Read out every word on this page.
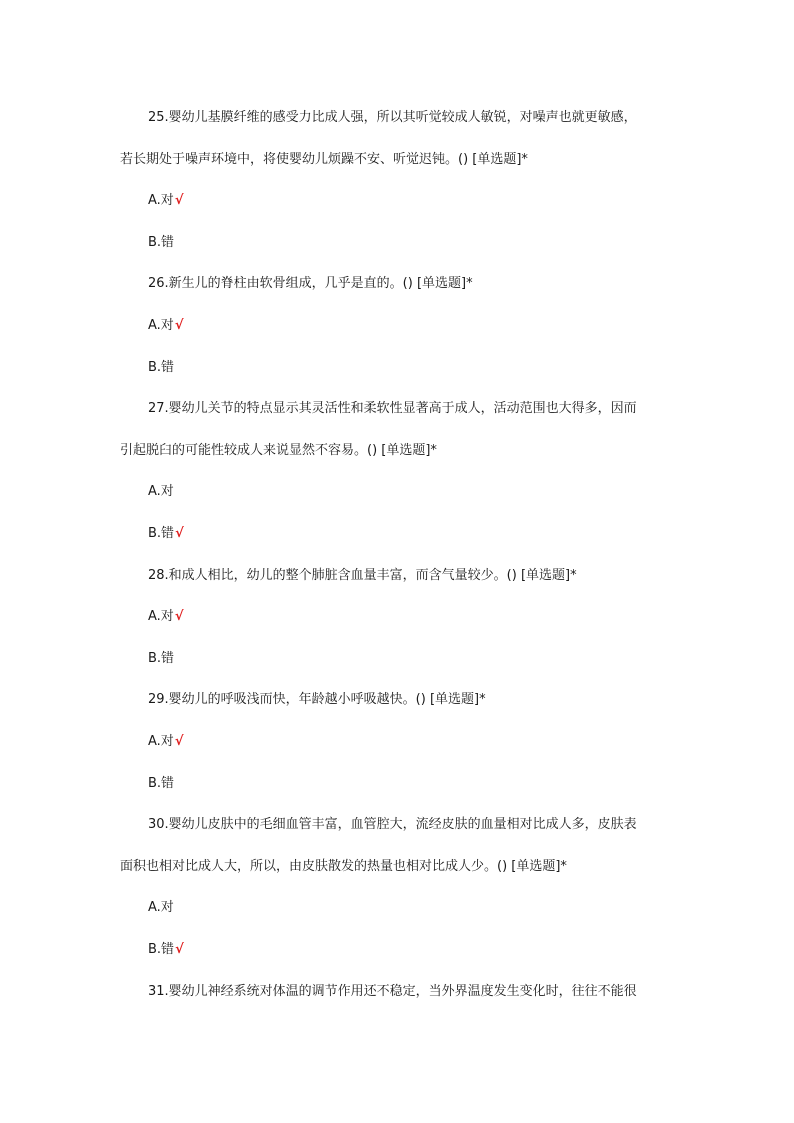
25.婴幼儿基膜纤维的感受力比成人强，所以其听觉较成人敏锐，对噪声也就更敏感，
若长期处于噪声环境中，将使婴幼儿烦躁不安、听觉迟钝。() [单选题]*
A.对√
B.错
26.新生儿的脊柱由软骨组成，几乎是直的。() [单选题]*
A.对√
B.错
27.婴幼儿关节的特点显示其灵活性和柔软性显著高于成人，活动范围也大得多，因而
引起脱臼的可能性较成人来说显然不容易。() [单选题]*
A.对
B.错√
28.和成人相比，幼儿的整个肺脏含血量丰富，而含气量较少。() [单选题]*
A.对√
B.错
29.婴幼儿的呼吸浅而快，年龄越小呼吸越快。() [单选题]*
A.对√
B.错
30.婴幼儿皮肤中的毛细血管丰富，血管腔大，流经皮肤的血量相对比成人多，皮肤表
面积也相对比成人大，所以，由皮肤散发的热量也相对比成人少。() [单选题]*
A.对
B.错√
31.婴幼儿神经系统对体温的调节作用还不稳定，当外界温度发生变化时，往往不能很
